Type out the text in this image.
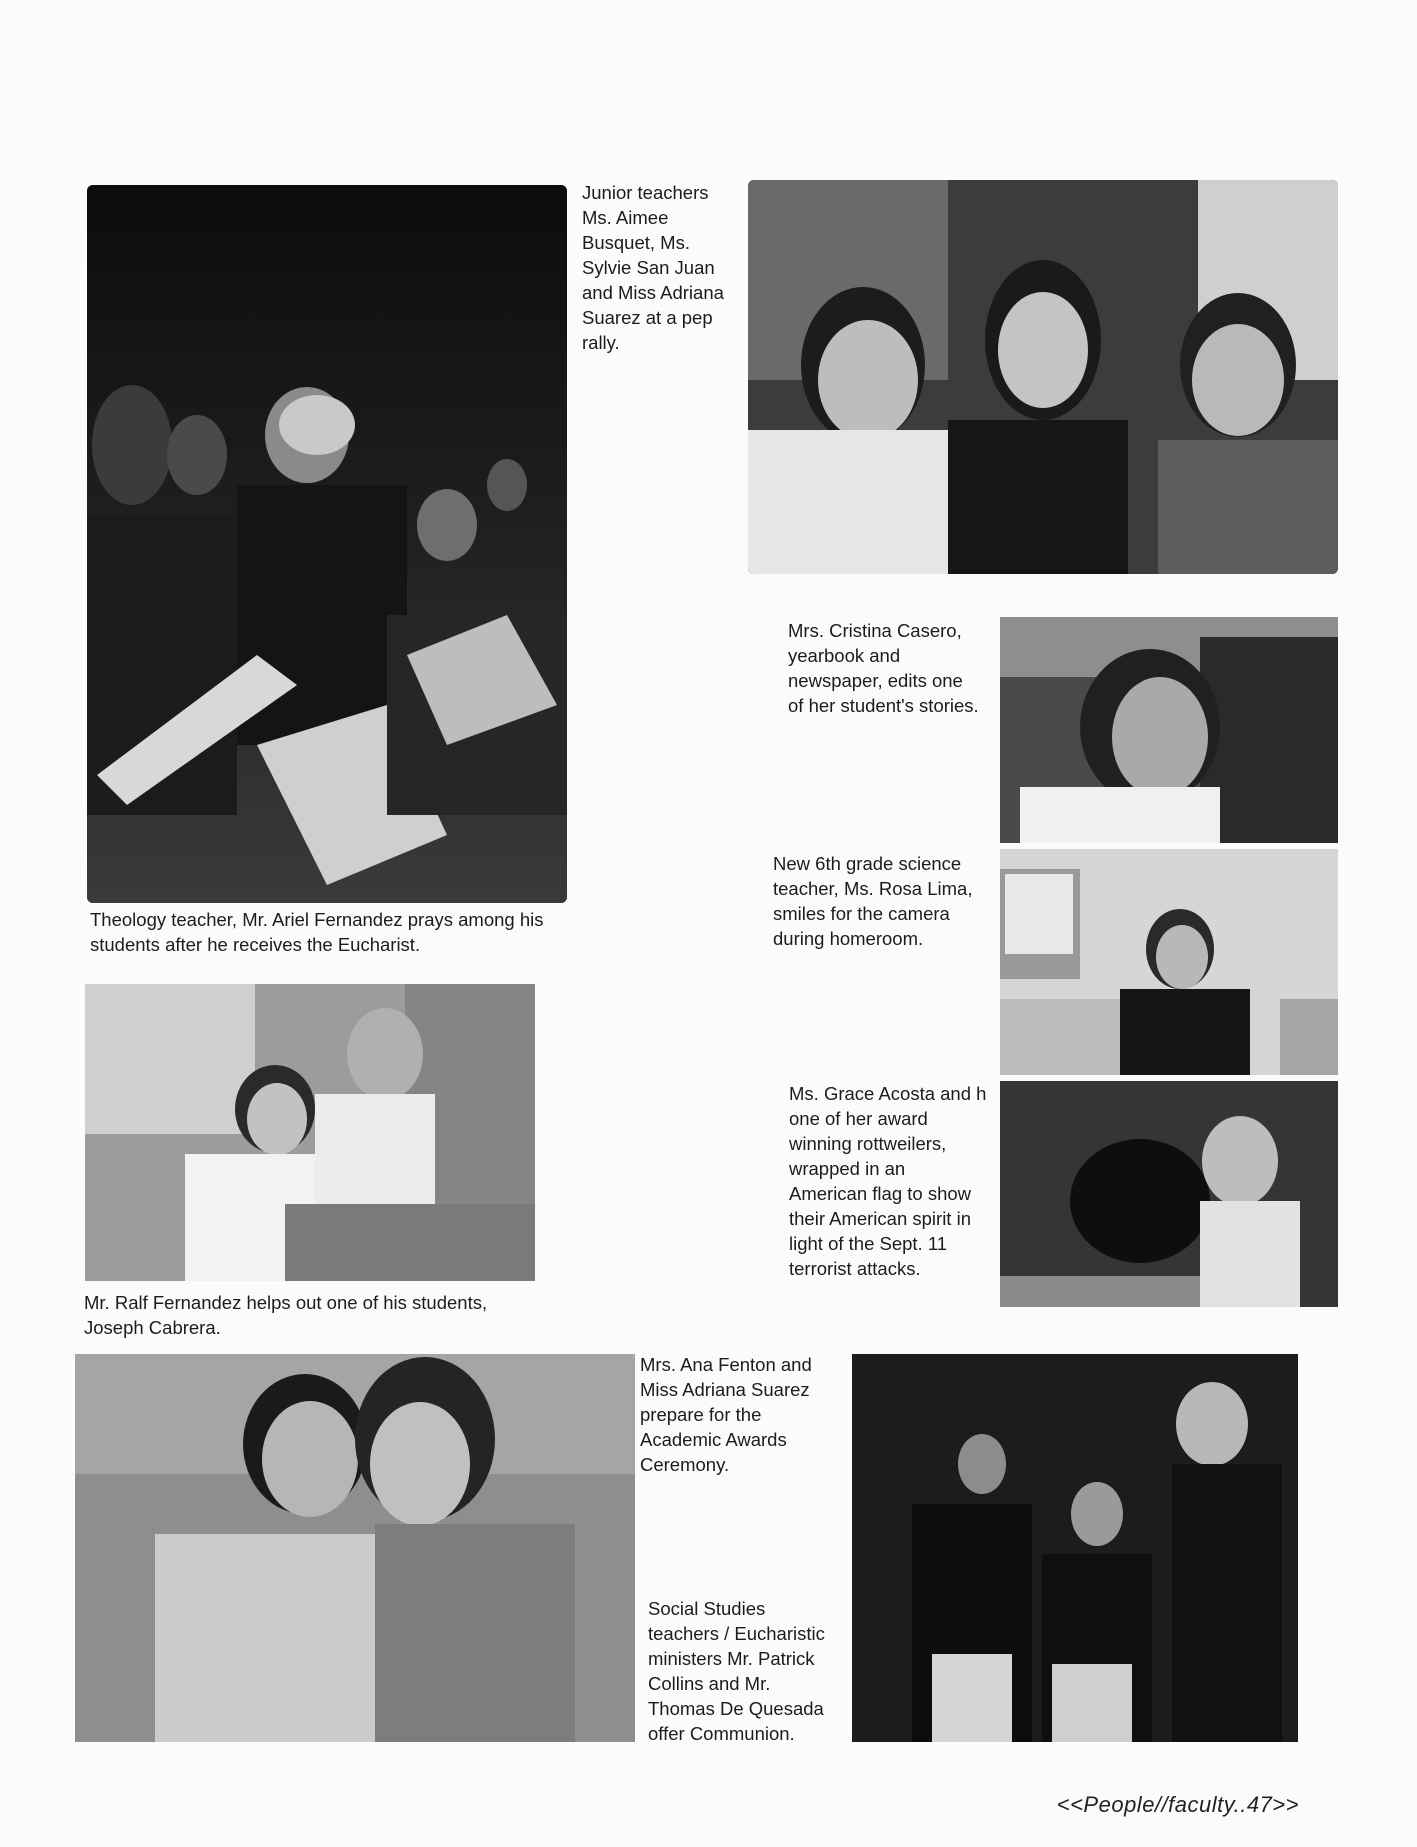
Theology teacher, Mr. Ariel Fernandez prays among his students after he receives the Eucharist.

Junior teachers
Ms. Aimee
Busquet, Ms.
Sylvie San Juan
and Miss Adriana
Suarez at a pep
rally.

Mrs. Cristina Casero,
yearbook and
newspaper, edits one
of her student's stories.

New 6th grade science
teacher, Ms. Rosa Lima,
smiles for the camera
during homeroom.

Ms. Grace Acosta and h
one of her award
winning rottweilers,
wrapped in an
American flag to show
their American spirit in
light of the Sept. 11
terrorist attacks.

Mr. Ralf Fernandez helps out one of his students,
Joseph Cabrera.

Mrs. Ana Fenton and
Miss Adriana Suarez
prepare for the
Academic Awards
Ceremony.

Social Studies
teachers / Eucharistic
ministers Mr. Patrick
Collins and Mr.
Thomas De Quesada
offer Communion.

<<People//faculty..47>>
